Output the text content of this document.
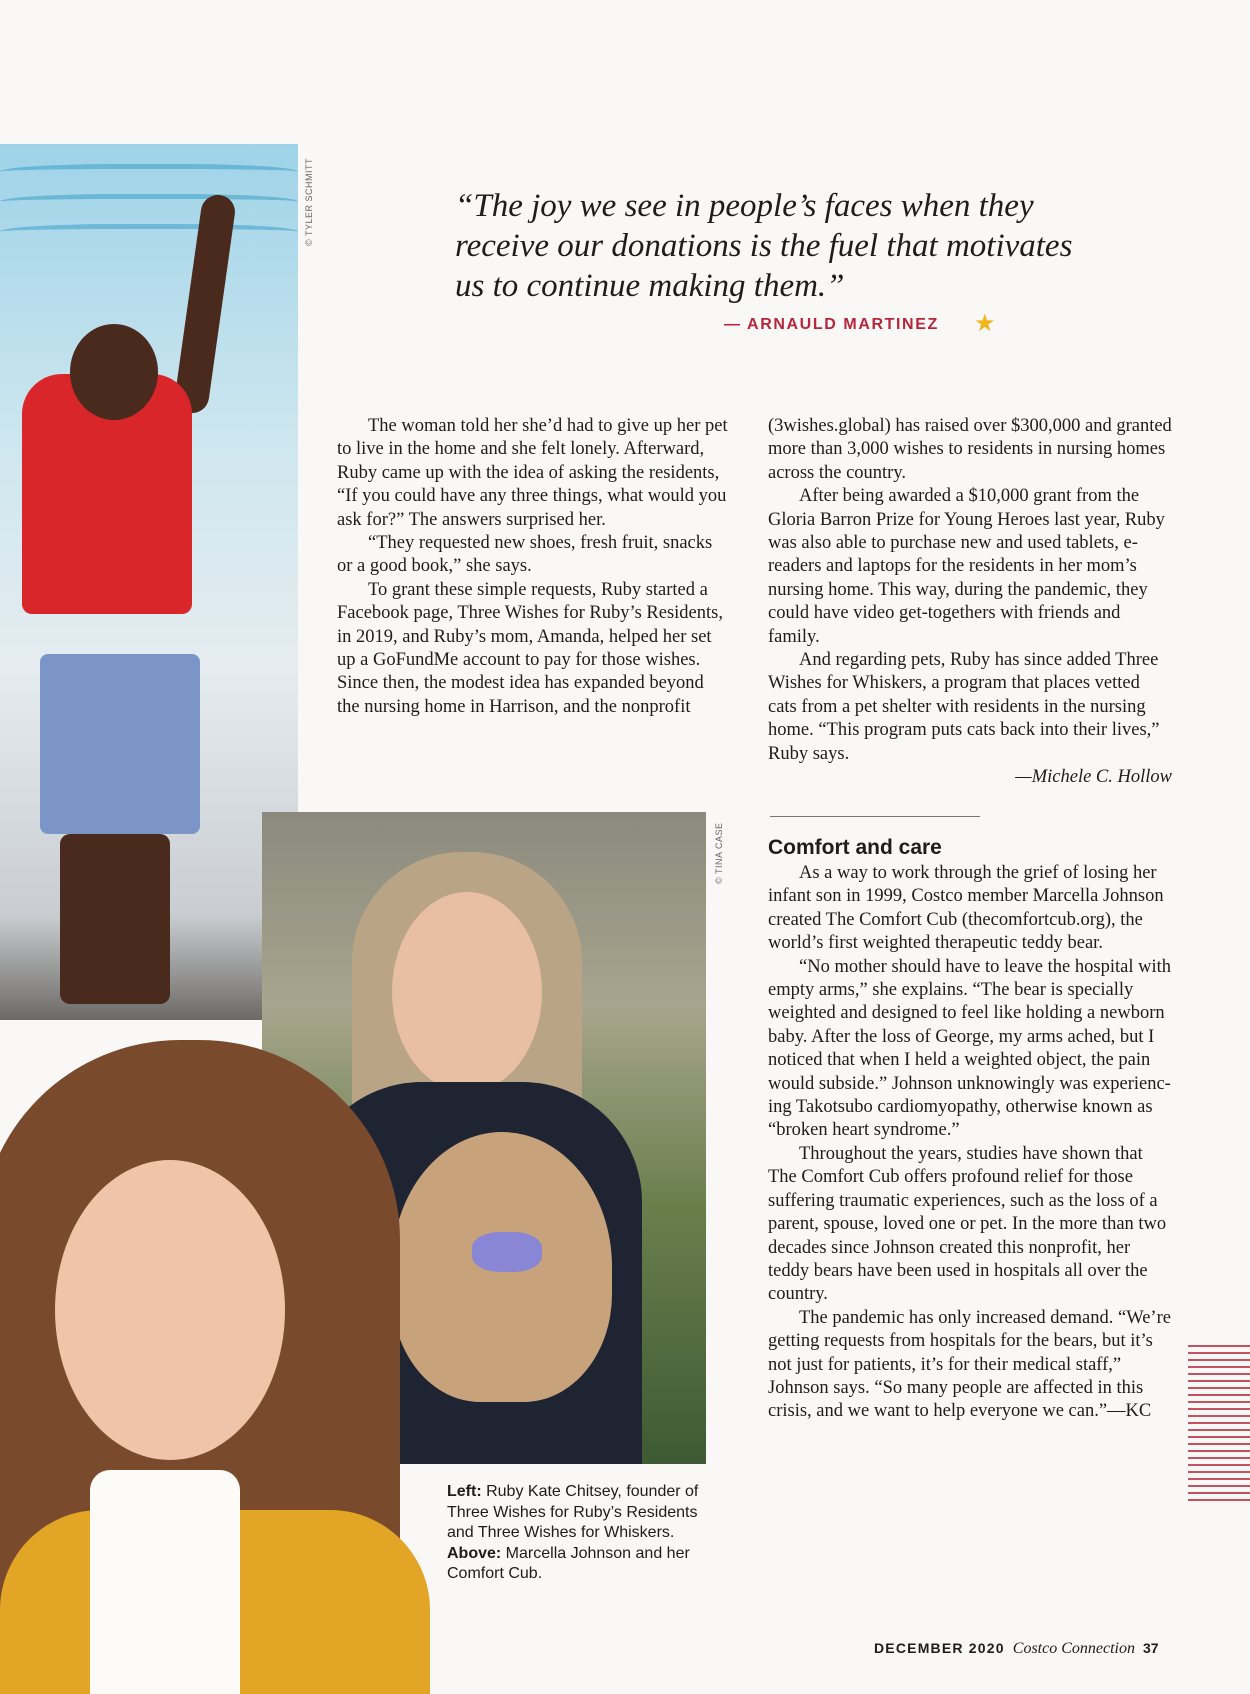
© TYLER SCHMITT
© TINA CASE
“The joy we see in people’s faces when they receive our donations is the fuel that motivates us to continue making them.”
— ARNAULD MARTINEZ ★

The woman told her she’d had to give up her pet to live in the home and she felt lonely. Afterward, Ruby came up with the idea of asking the residents, “If you could have any three things, what would you ask for?” The answers surprised her.

“They requested new shoes, fresh fruit, snacks or a good book,” she says.

To grant these simple requests, Ruby started a Facebook page, Three Wishes for Ruby’s Residents, in 2019, and Ruby’s mom, Amanda, helped her set up a GoFundMe account to pay for those wishes. Since then, the modest idea has expanded beyond the nursing home in Harrison, and the nonprofit

(3wishes.global) has raised over $300,000 and granted more than 3,000 wishes to residents in nursing homes across the country.

After being awarded a $10,000 grant from the Gloria Barron Prize for Young Heroes last year, Ruby was also able to purchase new and used tablets, e-readers and laptops for the residents in her mom’s nursing home. This way, during the pandemic, they could have video get-togethers with friends and family.

And regarding pets, Ruby has since added Three Wishes for Whiskers, a program that places vetted cats from a pet shelter with residents in the nursing home. “This program puts cats back into their lives,” Ruby says.

—Michele C. Hollow
Comfort and care

As a way to work through the grief of losing her infant son in 1999, Costco member Marcella Johnson created The Comfort Cub (thecomfortcub.org), the world’s first weighted therapeutic teddy bear.

“No mother should have to leave the hospital with empty arms,” she explains. “The bear is specially weighted and designed to feel like holding a newborn baby. After the loss of George, my arms ached, but I noticed that when I held a weighted object, the pain would subside.” Johnson unknowingly was experiencing Takotsubo cardiomyopathy, otherwise known as “broken heart syndrome.”

Throughout the years, studies have shown that The Comfort Cub offers profound relief for those suffering traumatic experiences, such as the loss of a parent, spouse, loved one or pet. In the more than two decades since Johnson created this nonprofit, her teddy bears have been used in hospitals all over the country.

The pandemic has only increased demand. “We’re getting requests from hospitals for the bears, but it’s not just for patients, it’s for their medical staff,” Johnson says. “So many people are affected in this crisis, and we want to help everyone we can.”—KC

Left: Ruby Kate Chitsey, founder of Three Wishes for Ruby’s Residents and Three Wishes for Whiskers. Above: Marcella Johnson and her Comfort Cub.
DECEMBER 2020 Costco Connection 37
